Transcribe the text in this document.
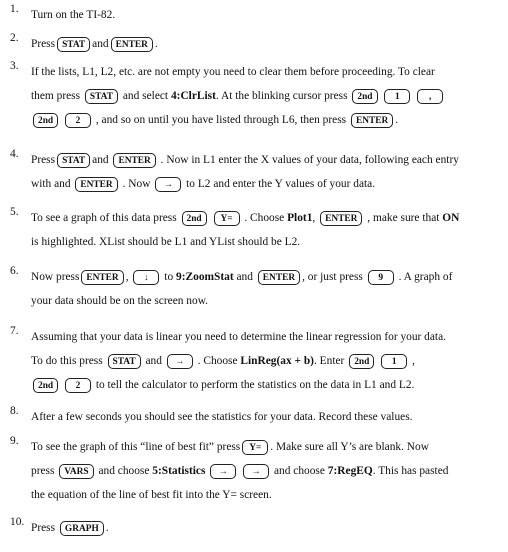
1. Turn on the TI-82.
2. Press STAT and ENTER .
3. If the lists, L1, L2, etc. are not empty you need to clear them before proceeding. To clear
them press STAT and select 4:ClrList. At the blinking cursor press 2nd 1	,
2nd 2 , and so on until you have listed through L6, then press ENTER .
4. Press STAT and ENTER . Now in L1 enter the X values of your data, following each entry
with and ENTER . Now → to L2 and enter the Y values of your data.
5. To see a graph of this data press 2nd Y= . Choose Plot1, ENTER , make sure that ON
is highlighted. XList should be L1 and YList should be L2.
6. Now press ENTER , ↓ to 9:ZoomStat and ENTER , or just press 9 . A graph of
your data should be on the screen now.
7. Assuming that your data is linear you need to determine the linear regression for your data.
To do this press STAT and → . Choose LinReg(ax + b). Enter 2nd 1 ,
2nd 2 to tell the calculator to perform the statistics on the data in L1 and L2.
8. After a few seconds you should see the statistics for your data. Record these values.
9. To see the graph of this “line of best fit” press Y= . Make sure all Y’s are blank. Now
press VARS and choose 5:Statistics → → and choose 7:RegEQ. This has pasted
the equation of the line of best fit into the Y= screen.
10. Press GRAPH .
